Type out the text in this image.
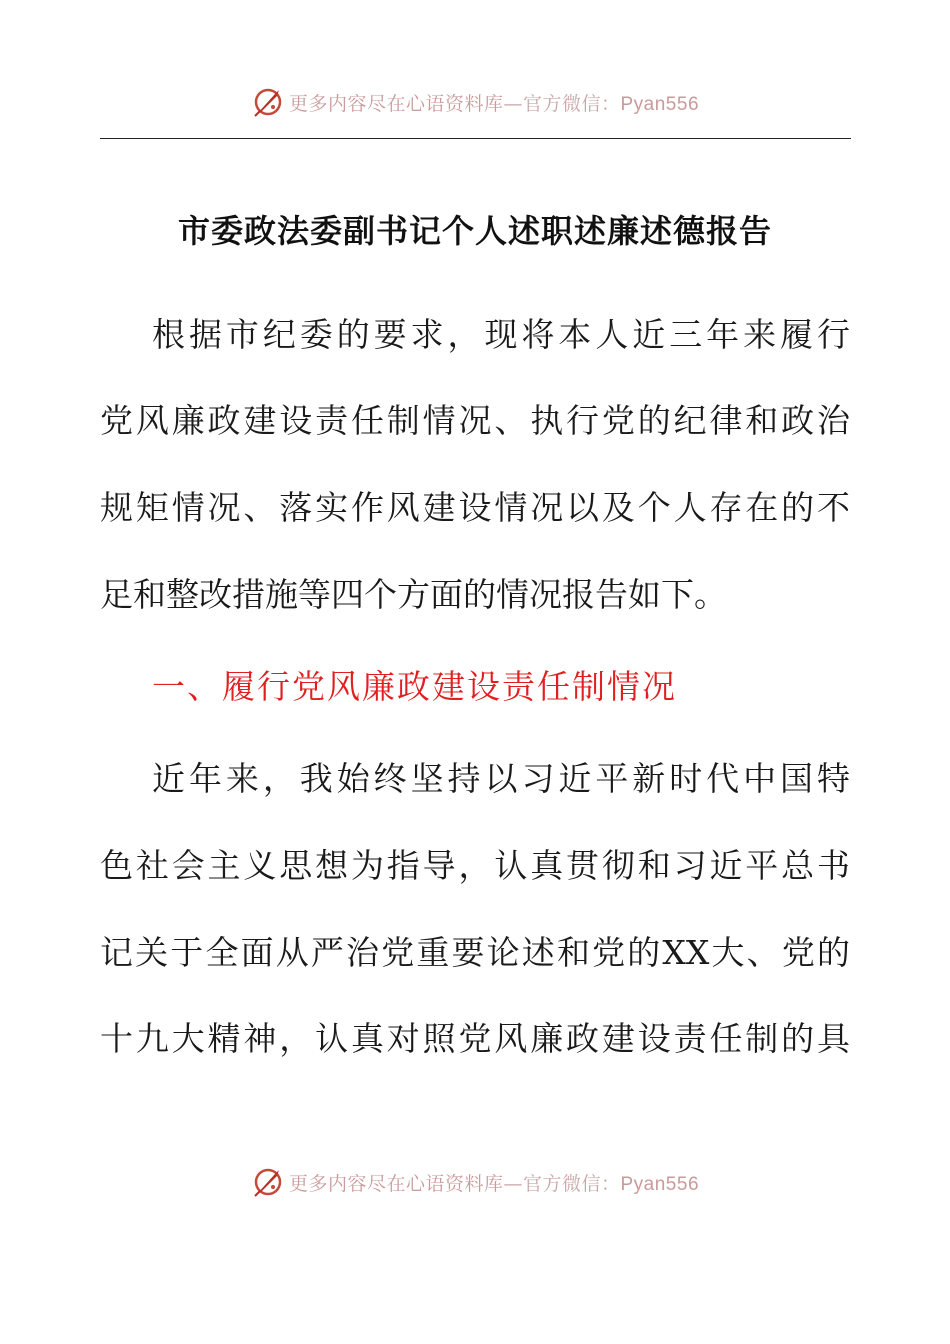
更多内容尽在心语资料库—官方微信：Pyan556
市委政法委副书记个人述职述廉述德报告
根据市纪委的要求，现将本人近三年来履行
党风廉政建设责任制情况、执行党的纪律和政治
规矩情况、落实作风建设情况以及个人存在的不
足和整改措施等四个方面的情况报告如下。
一、履行党风廉政建设责任制情况
近年来，我始终坚持以习近平新时代中国特
色社会主义思想为指导，认真贯彻和习近平总书
记关于全面从严治党重要论述和党的XX大、党的
十九大精神，认真对照党风廉政建设责任制的具
更多内容尽在心语资料库—官方微信：Pyan556
